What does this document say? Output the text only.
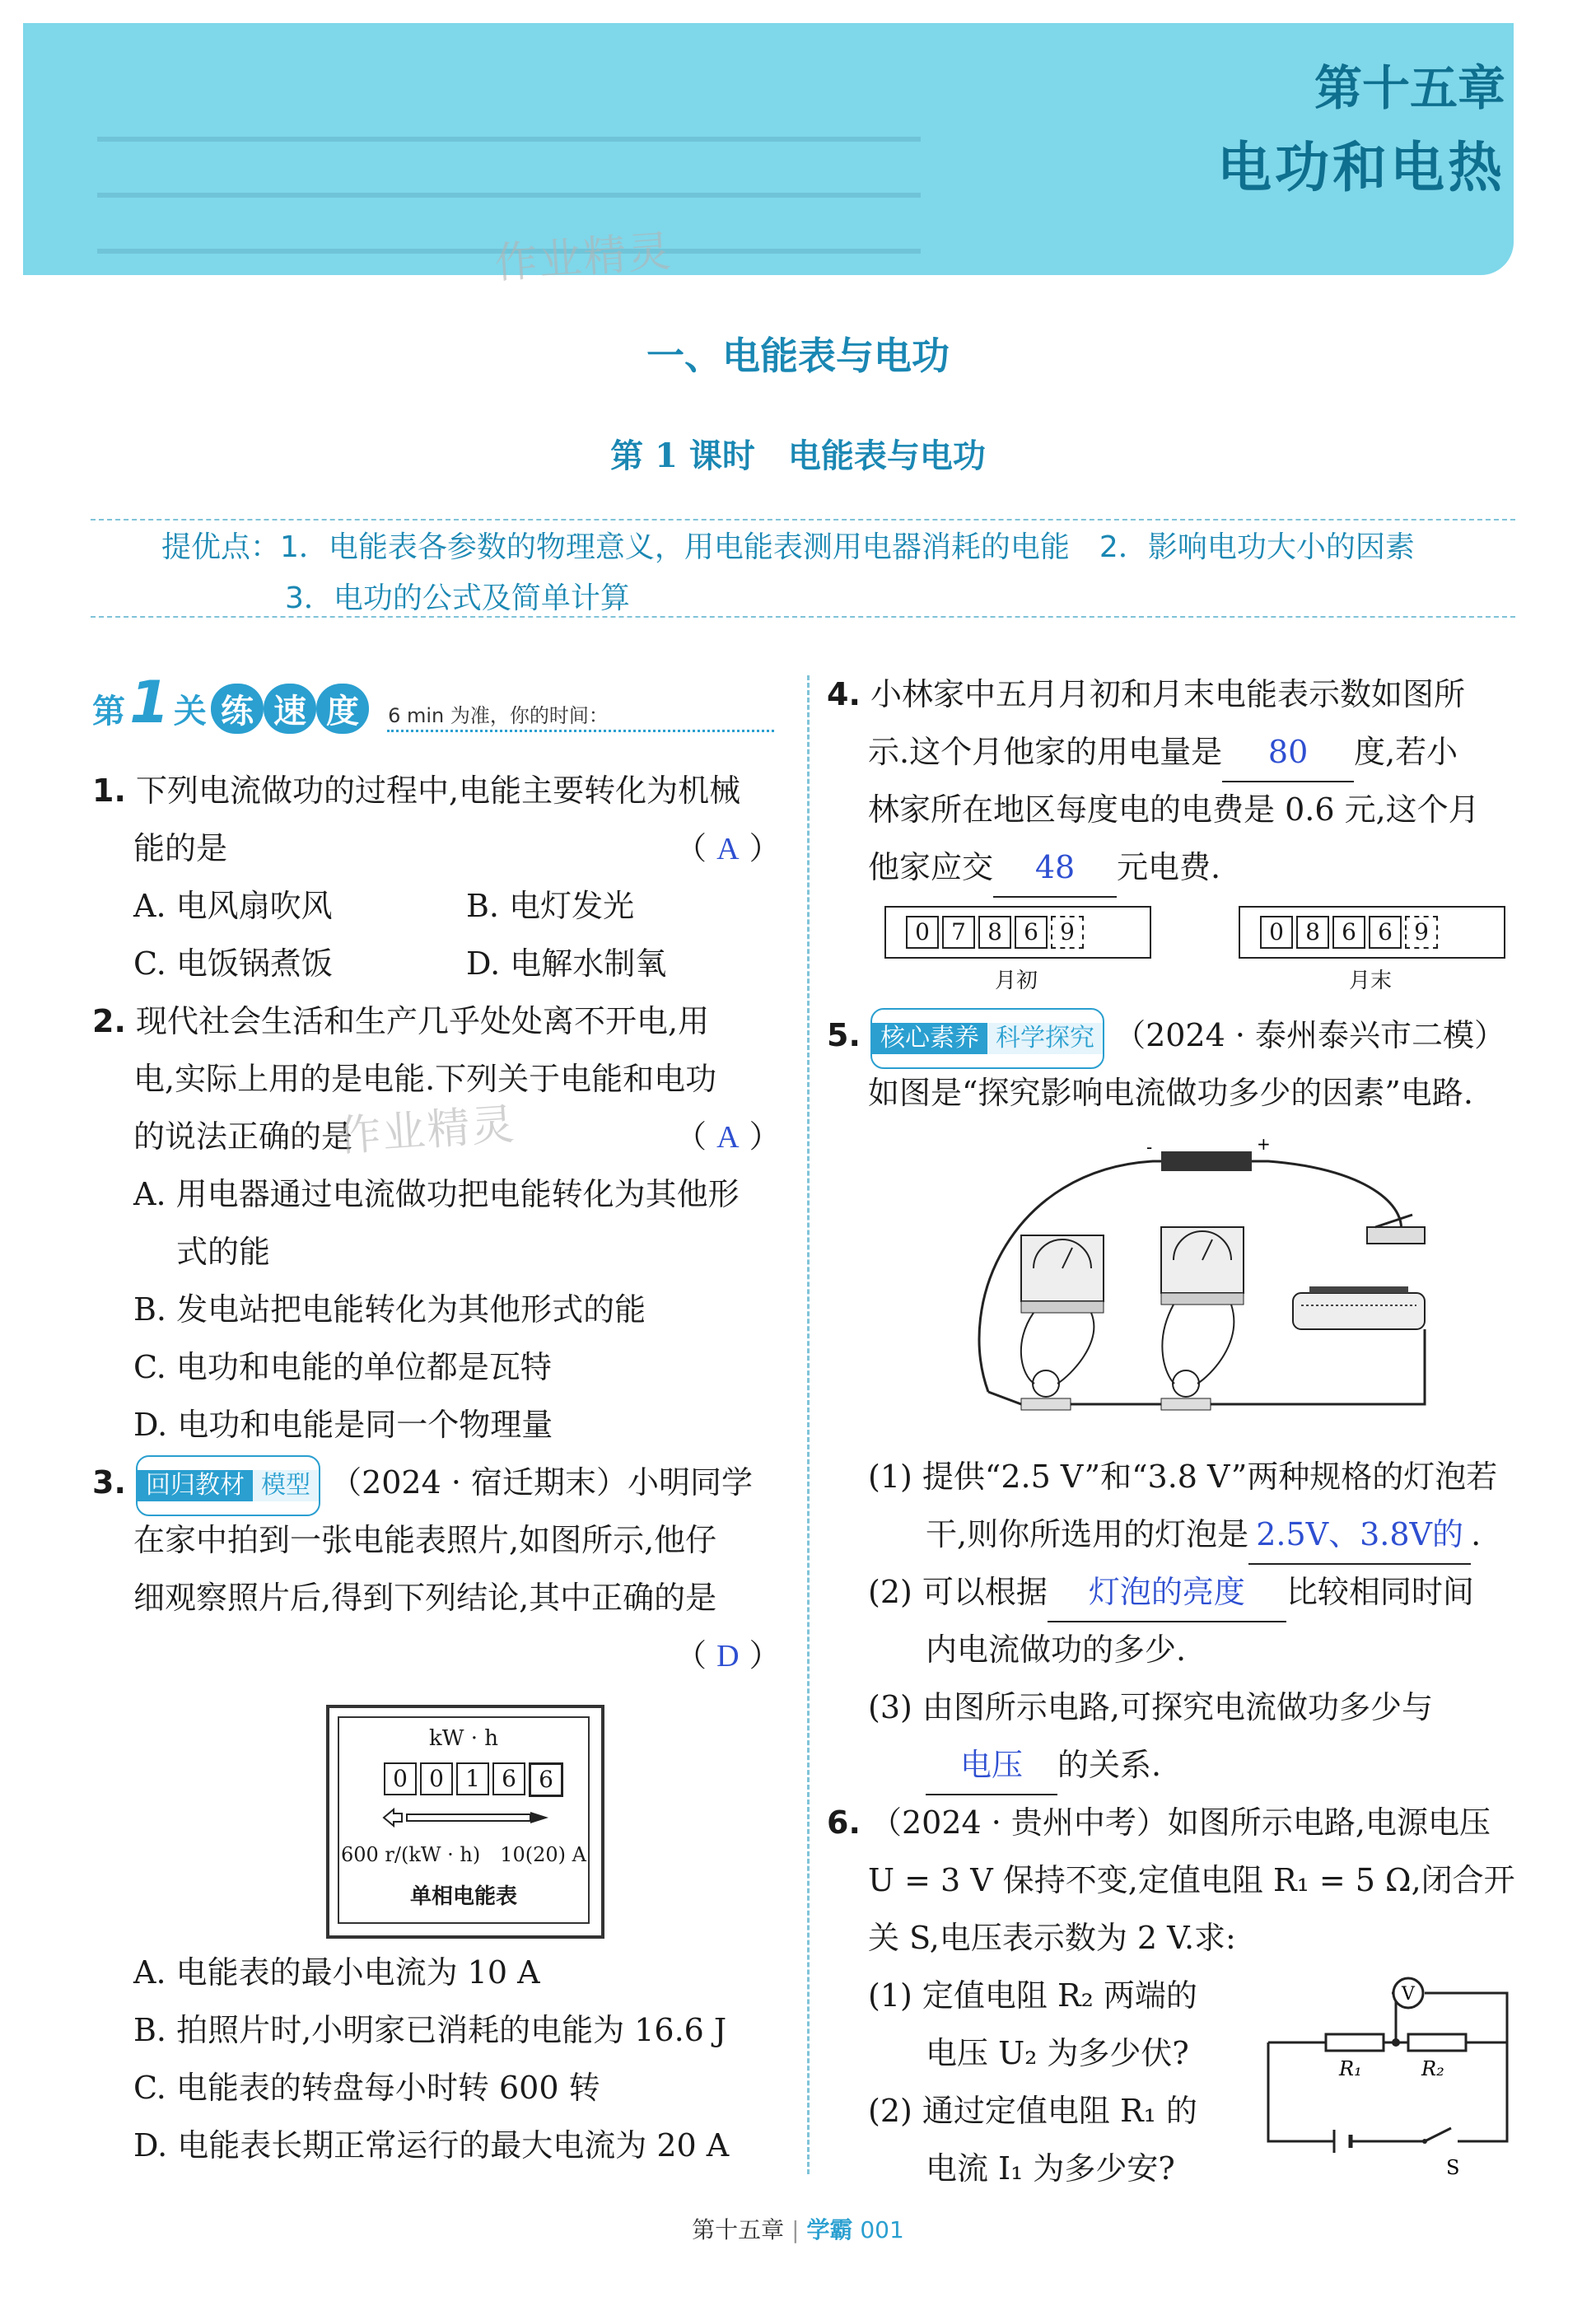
第十五章
电功和电热
作业精灵
一、电能表与电功
第 1 课时　电能表与电功
提优点：1．电能表各参数的物理意义，用电能表测用电器消耗的电能　2．影响电功大小的因素
3．电功的公式及简单计算
第 1 关 练 速 度 6 min 为准，你的时间：
1. 下列电流做功的过程中,电能主要转化为机械
能的是	（ A ）
A. 电风扇吹风	B. 电灯发光
C. 电饭锅煮饭	D. 电解水制氧
2. 现代社会生活和生产几乎处处离不开电,用
电,实际上用的是电能.下列关于电能和电功
的说法正确的是
作业精灵	（ A ）
A. 用电器通过电流做功把电能转化为其他形
式的能
B. 发电站把电能转化为其他形式的能
C. 电功和电能的单位都是瓦特
D. 电功和电能是同一个物理量
3. 回归教材 模型 （2024 · 宿迁期末）小明同学
在家中拍到一张电能表照片,如图所示,他仔
细观察照片后,得到下列结论,其中正确的是
（ D ）
kW · h
0 0 1 6 6
600 r/(kW · h)　10(20) A
单相电能表
A. 电能表的最小电流为 10 A
B. 拍照片时,小明家已消耗的电能为 16.6 J
C. 电能表的转盘每小时转 600 转
D. 电能表长期正常运行的最大电流为 20 A
4. 小林家中五月月初和月末电能表示数如图所
示.这个月他家的用电量是 80 度,若小
林家所在地区每度电的电费是 0.6 元,这个月
他家应交 48 元电费.
0 7 8 6 9
月初
0 8 6 6 9
月末
5. 核心素养 科学探究 （2024 · 泰州泰兴市二模）
如图是“探究影响电流做功多少的因素”电路.
-	+
(1) 提供“2.5 V”和“3.8 V”两种规格的灯泡若
干,则你所选用的灯泡是 2.5V、3.8V的 .
(2) 可以根据 灯泡的亮度 比较相同时间
内电流做功的多少.
(3) 由图所示电路,可探究电流做功多少与
电压 的关系.
6. （2024 · 贵州中考）如图所示电路,电源电压
U = 3 V 保持不变,定值电阻 R₁ = 5 Ω,闭合开
关 S,电压表示数为 2 V.求:
(1) 定值电阻 R₂ 两端的
电压 U₂ 为多少伏?
(2) 通过定值电阻 R₁ 的
电流 I₁ 为多少安?
V
R₁	R₂
S
第十五章 | 学霸 001
